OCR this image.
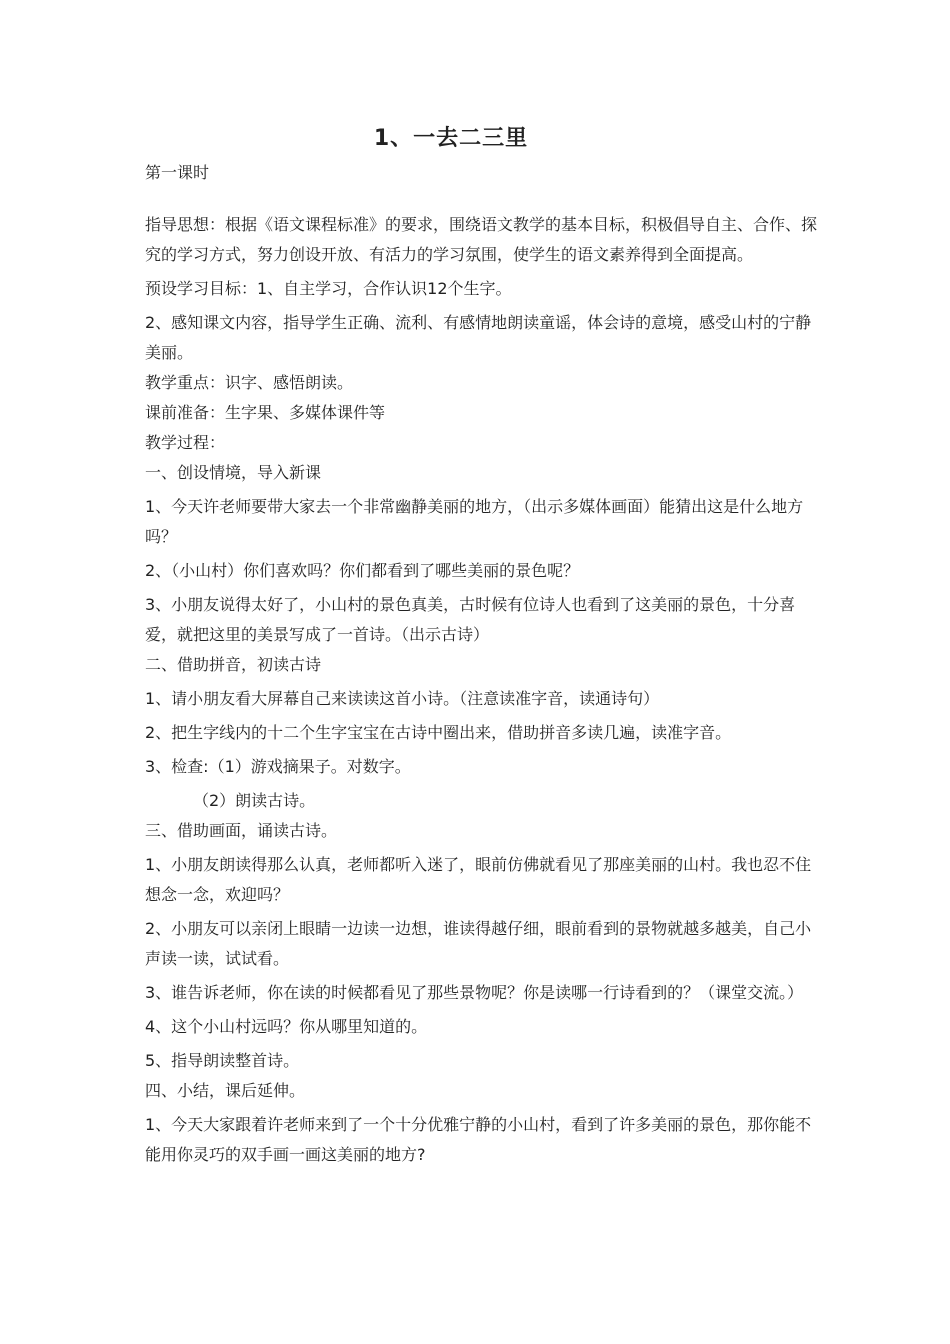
1、一去二三里

第一课时

指导思想：根据《语文课程标准》的要求，围绕语文教学的基本目标，积极倡导自主、合作、探究的学习方式，努力创设开放、有活力的学习氛围，使学生的语文素养得到全面提高。

预设学习目标：1、自主学习，合作认识12个生字。

2、感知课文内容，指导学生正确、流利、有感情地朗读童谣，体会诗的意境，感受山村的宁静美丽。

教学重点：识字、感悟朗读。

课前准备：生字果、多媒体课件等

教学过程：

一、创设情境，导入新课

1、今天许老师要带大家去一个非常幽静美丽的地方，（出示多媒体画面）能猜出这是什么地方吗？

2、（小山村）你们喜欢吗？你们都看到了哪些美丽的景色呢？

3、小朋友说得太好了，小山村的景色真美，古时候有位诗人也看到了这美丽的景色，十分喜爱，就把这里的美景写成了一首诗。（出示古诗）

二、借助拼音，初读古诗

1、请小朋友看大屏幕自己来读读这首小诗。（注意读准字音，读通诗句）

2、把生字线内的十二个生字宝宝在古诗中圈出来，借助拼音多读几遍，读准字音。

3、检查:（1）游戏摘果子。对数字。

（2）朗读古诗。

三、借助画面，诵读古诗。

1、小朋友朗读得那么认真，老师都听入迷了，眼前仿佛就看见了那座美丽的山村。我也忍不住想念一念，欢迎吗？

2、小朋友可以亲闭上眼睛一边读一边想，谁读得越仔细，眼前看到的景物就越多越美，自己小声读一读，试试看。

3、谁告诉老师，你在读的时候都看见了那些景物呢？你是读哪一行诗看到的？（课堂交流。）

4、这个小山村远吗？你从哪里知道的。

5、指导朗读整首诗。

四、小结，课后延伸。

1、今天大家跟着许老师来到了一个十分优雅宁静的小山村，看到了许多美丽的景色，那你能不能用你灵巧的双手画一画这美丽的地方?
